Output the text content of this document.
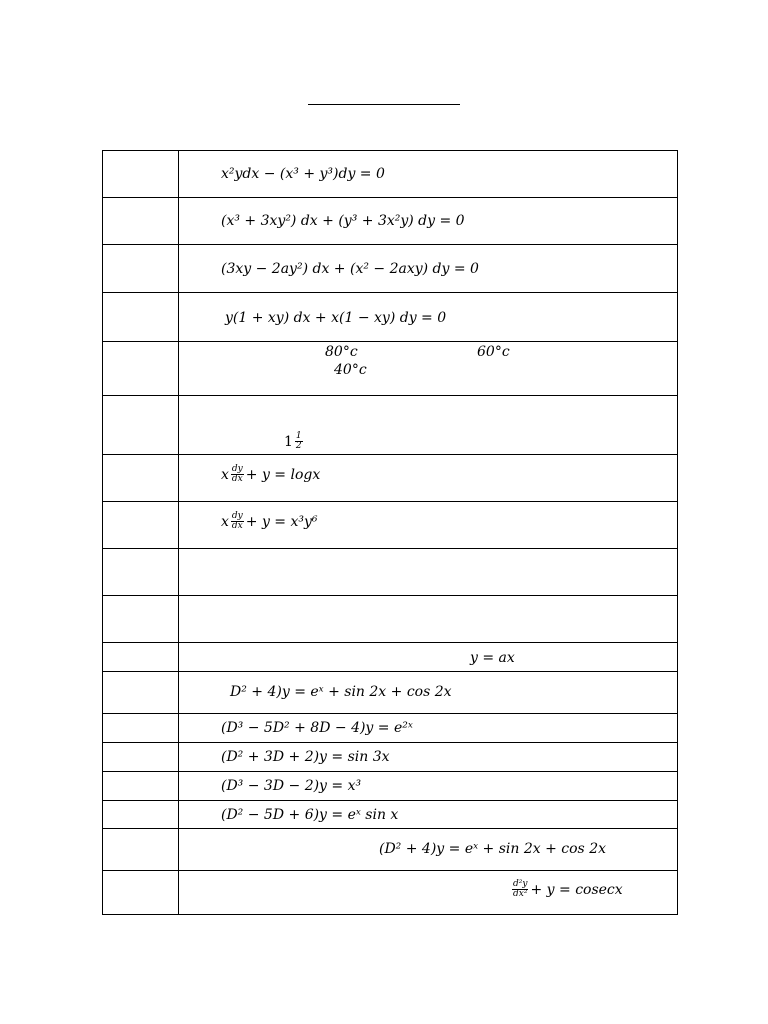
x²ydx − (x³ + y³)dy = 0
(x³ + 3xy²) dx + (y³ + 3x²y) dy = 0
(3xy − 2ay²) dx + (x² − 2axy) dy = 0
y(1 + xy) dx + x(1 − xy) dy = 0
80°c	60°c
40°c
$1 \frac{1}{2}$
x $\frac{dy}{dx} + y = \log x$
x $\frac{dy}{dx} + y = x^3y^6$
y = ax
D² + 4)y = eˣ + sin 2x + cos 2x
(D³ − 5D² + 8D − 4)y = e²ˣ
(D² + 3D + 2)y = sin 3x
(D³ − 3D − 2)y = x³
(D² − 5D + 6)y = eˣ sin x
(D² + 4)y = eˣ + sin 2x + cos 2x
$\frac{\text{d²y}}{\text{dx²}} + y = cosecx$
